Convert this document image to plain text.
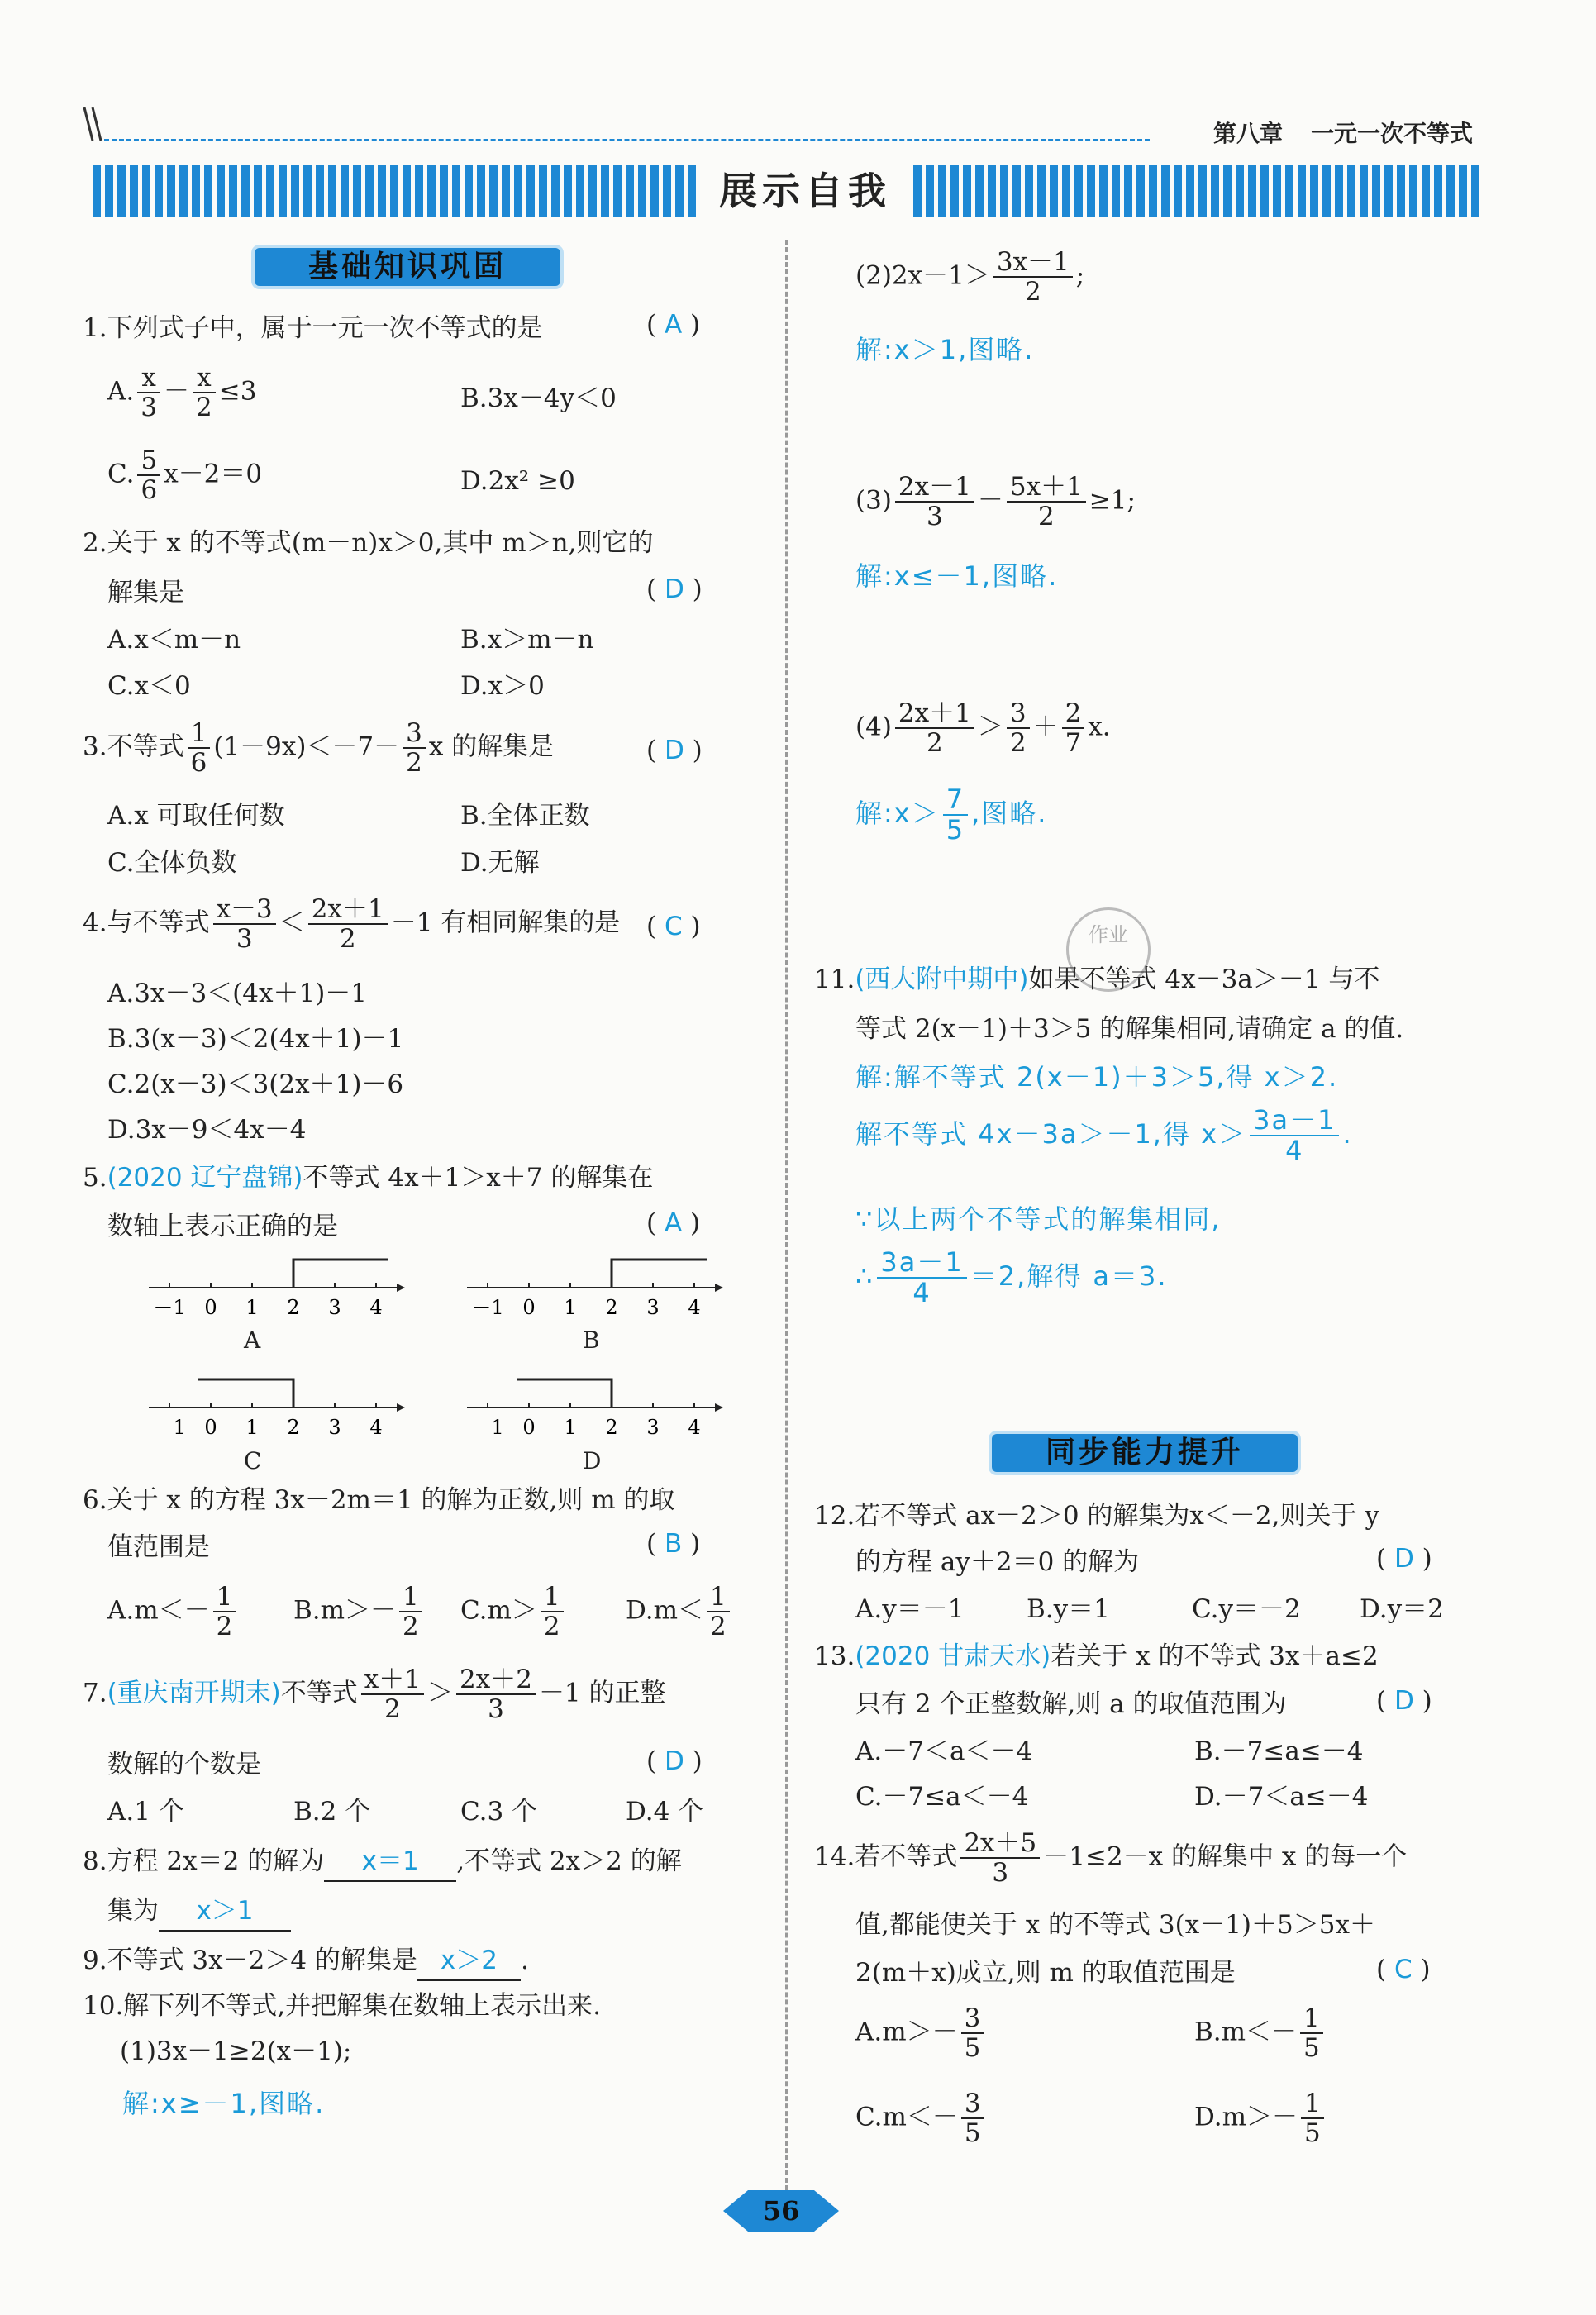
第八章 一元一次不等式
展示自我
基础知识巩固
1.下列式子中，属于一元一次不等式的是	( A )
A. $\frac{x}{3} - \frac{x}{2} \le 3$	B.3x－4y＜0
C. $\frac{5}{6} x-2=0$	D.2x² ≥0
2.关于 x 的不等式(m－n)x＞0,其中 m＞n,则它的
解集是	( D )
A.x＜m－n	B.x＞m－n
C.x＜0	D.x＞0
3.不等式 $\frac{1}{6} (1-9x)<-7- \frac{3}{2}$ x 的解集是	( D )
A.x 可取任何数	B.全体正数
C.全体负数	D.无解
4.与不等式 $\frac{x-3}{3} < \frac{2x+1}{2} -1$ 有相同解集的是 ( C )
A.3x－3＜(4x＋1)－1
B.3(x－3)＜2(4x＋1)－1
C.2(x－3)＜3(2x＋1)－6
D.3x－9＜4x－4
5.(2020 辽宁盘锦)不等式 4x＋1＞x＋7 的解集在
数轴上表示正确的是	( A )
－1 0 1 2 3 4
A
－1 0 1 2 3 4
B
－1 0 1 2 3 4
C
－1 0 1 2 3 4
D
6.关于 x 的方程 3x－2m＝1 的解为正数,则 m 的取
值范围是	( B )
$A.m<- \frac{1}{2} B.m>- \frac{1}{2} C.m> \frac{1}{2} D.m< \frac{1}{2}$
7.(重庆南开期末)不等式 $\frac{x+1}{2} > \frac{2x+2}{3} -1$ 的正整
数解的个数是	( D )
A.1 个	B.2 个	C.3 个	D.4 个
8.方程 2x＝2 的解为 x＝1 ,不等式 2x＞2 的解
集为 x＞1
9.不等式 3x－2＞4 的解集是 x＞2 .
10.解下列不等式,并把解集在数轴上表示出来.
(1)3x－1≥2(x－1);
解:x≥－1,图略.
$(2)2x-1> \frac{3x-1}{2}$ ;
解:x＞1,图略.
$(3) \frac{2x-1}{3} - \frac{5x+1}{2} \ge 1$;
解:x≤－1,图略.
$(4) \frac{2x+1}{2} > \frac{3}{2} + \frac{2}{7} x$.
解:x＞ $\frac{7}{5}$ ,图略.
作业
11.(西大附中期中)如果不等式 4x－3a＞－1 与不
等式 2(x－1)＋3＞5 的解集相同,请确定 a 的值.
解:解不等式 2(x－1)＋3＞5,得 x＞2.
解不等式 4x－3a＞－1,得 $x> \frac{3a-1}{4}$ .
∵以上两个不等式的解集相同,
∴ $\frac{3a-1}{4} =2$,解得 a＝3.
同步能力提升
12.若不等式 ax－2＞0 的解集为x＜－2,则关于 y
的方程 ay＋2＝0 的解为	( D )
A.y＝－1 B.y＝1	C.y＝－2 D.y＝2
13.(2020 甘肃天水)若关于 x 的不等式 3x＋a≤2
只有 2 个正整数解,则 a 的取值范围为	( D )
A.－7＜a＜－4	B.－7≤a≤－4
C.－7≤a＜－4	D.－7＜a≤－4
14.若不等式 $\frac{2x+5}{3} -1\le 2-x$ 的解集中 x 的每一个
值,都能使关于 x 的不等式 3(x－1)＋5＞5x＋
2(m＋x)成立,则 m 的取值范围是	( C )
$A.m>- \frac{3}{5}$	$B.m<- \frac{1}{5}$
$C.m<- \frac{3}{5}$	$D.m>- \frac{1}{5}$
56
